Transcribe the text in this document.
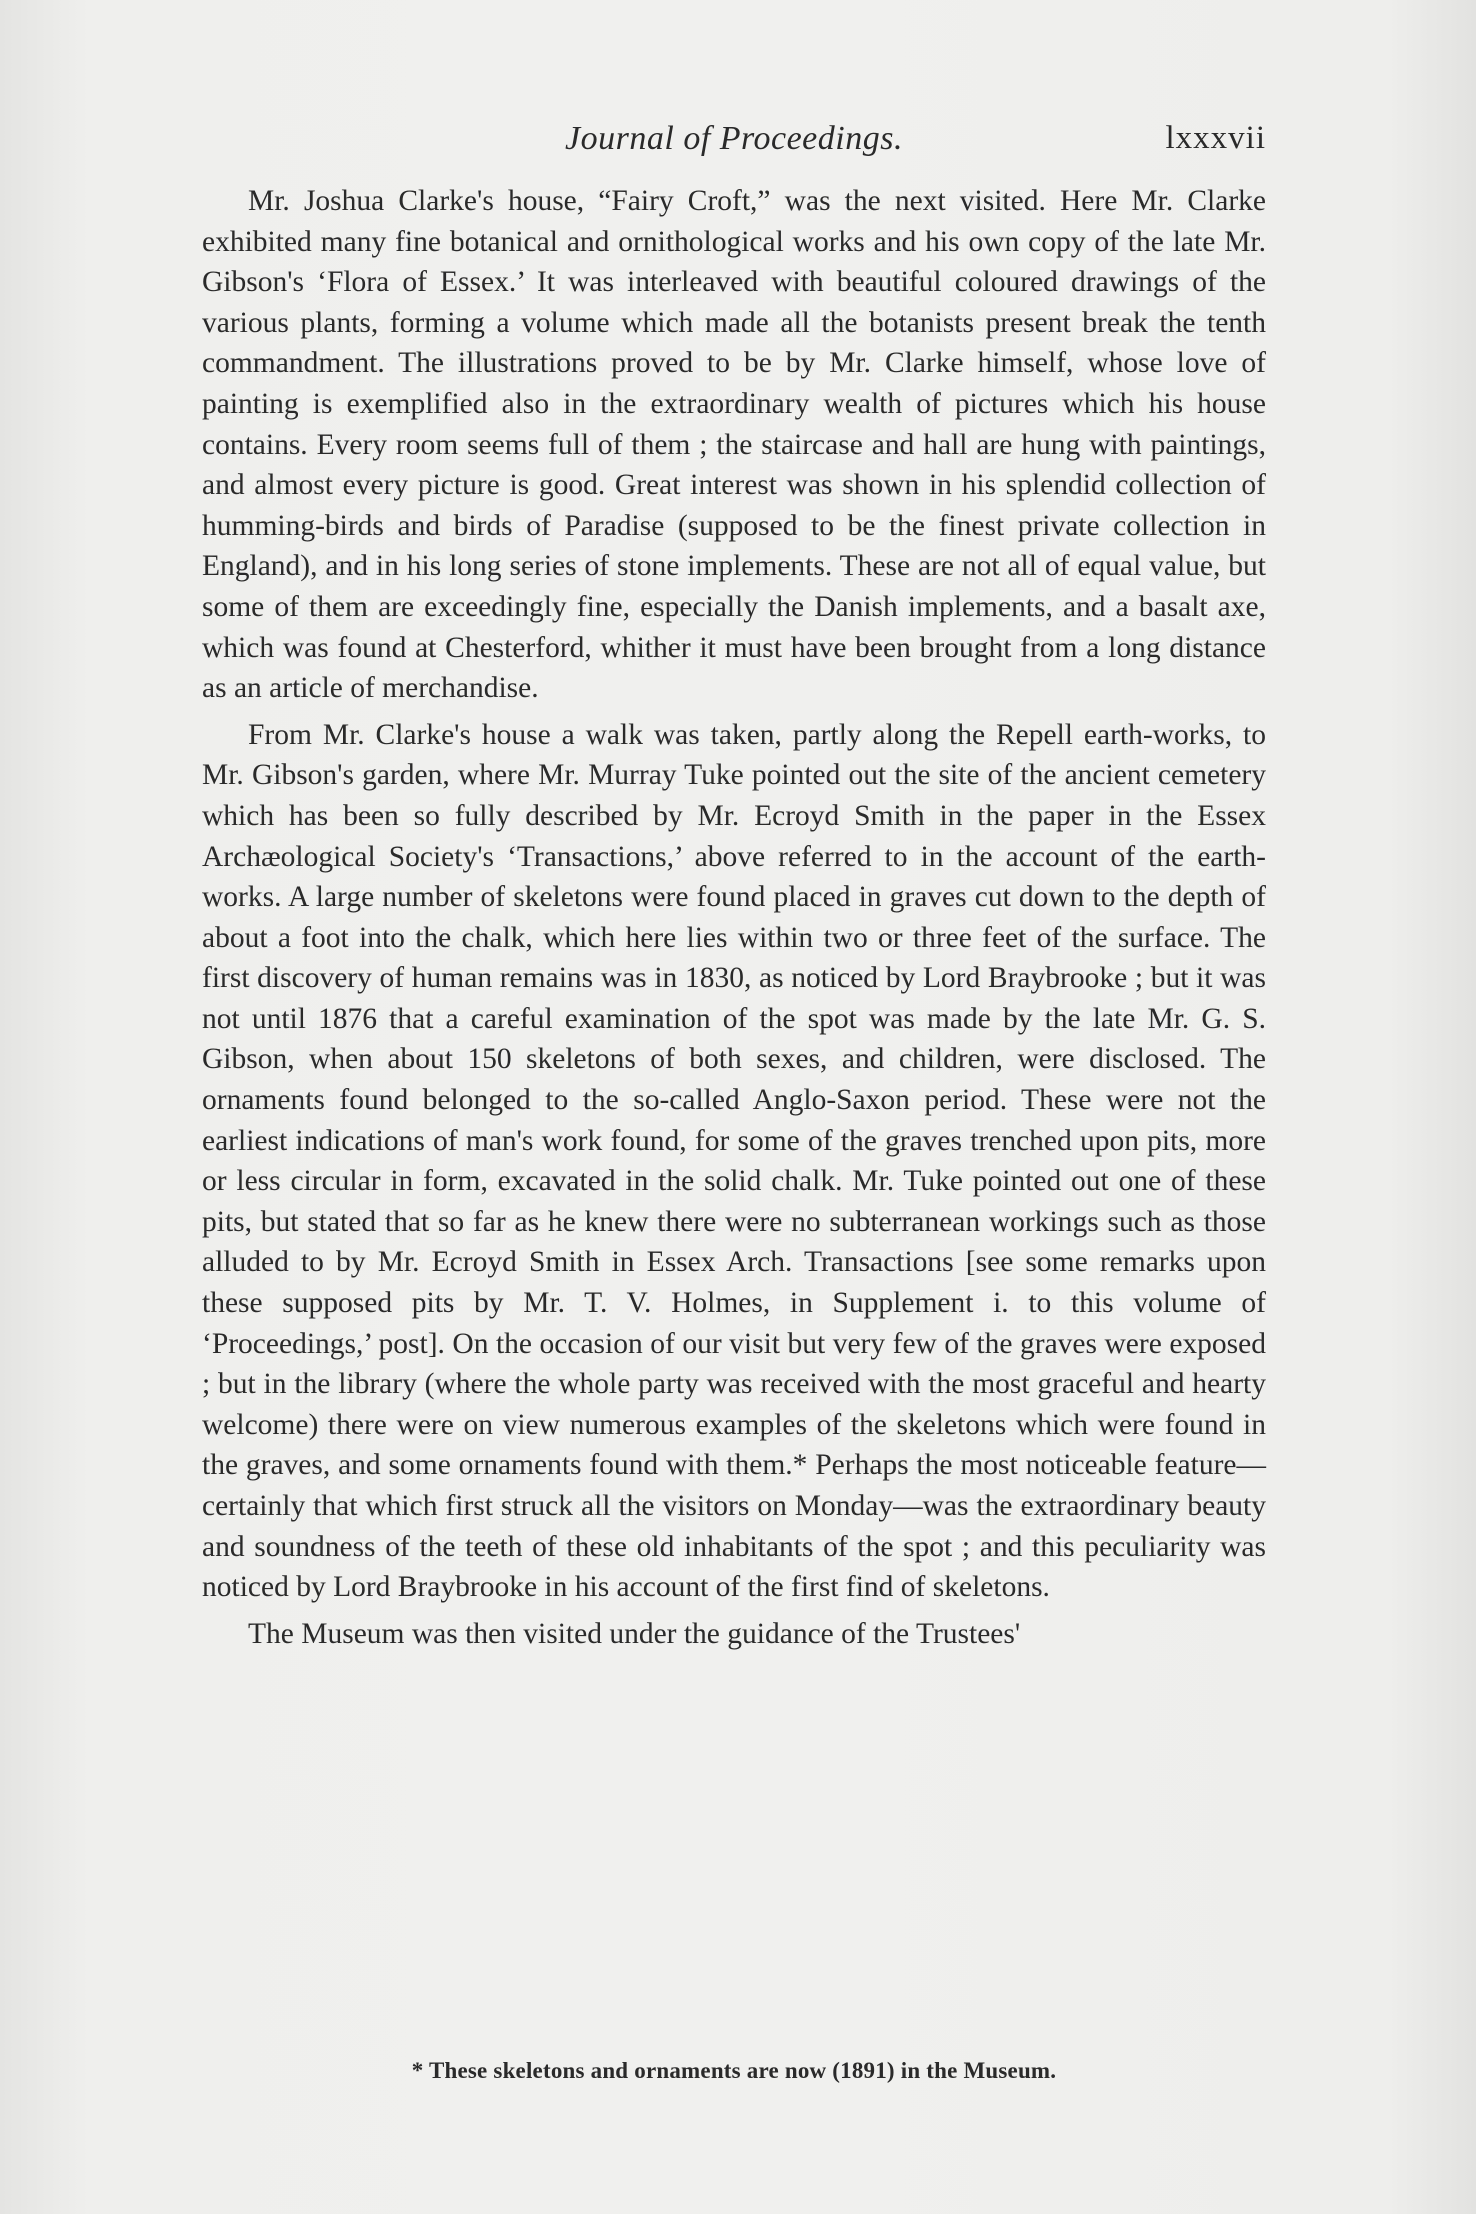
Journal of Proceedings.	lxxxvii

Mr. Joshua Clarke's house, “Fairy Croft,” was the next visited. Here Mr. Clarke exhibited many fine botanical and ornithological works and his own copy of the late Mr. Gibson's ‘Flora of Essex.’ It was interleaved with beautiful coloured drawings of the various plants, forming a volume which made all the botanists present break the tenth commandment. The illustrations proved to be by Mr. Clarke himself, whose love of painting is exemplified also in the extraordinary wealth of pictures which his house contains. Every room seems full of them ; the staircase and hall are hung with paintings, and almost every picture is good. Great interest was shown in his splendid collection of humming-birds and birds of Paradise (supposed to be the finest private collection in England), and in his long series of stone implements. These are not all of equal value, but some of them are exceedingly fine, especially the Danish implements, and a basalt axe, which was found at Chesterford, whither it must have been brought from a long distance as an article of merchandise.

From Mr. Clarke's house a walk was taken, partly along the Repell earth-works, to Mr. Gibson's garden, where Mr. Murray Tuke pointed out the site of the ancient cemetery which has been so fully described by Mr. Ecroyd Smith in the paper in the Essex Archæological Society's ‘Transactions,’ above referred to in the account of the earth-works. A large number of skeletons were found placed in graves cut down to the depth of about a foot into the chalk, which here lies within two or three feet of the surface. The first discovery of human remains was in 1830, as noticed by Lord Braybrooke ; but it was not until 1876 that a careful examination of the spot was made by the late Mr. G. S. Gibson, when about 150 skeletons of both sexes, and children, were disclosed. The ornaments found belonged to the so-called Anglo-Saxon period. These were not the earliest indications of man's work found, for some of the graves trenched upon pits, more or less circular in form, excavated in the solid chalk. Mr. Tuke pointed out one of these pits, but stated that so far as he knew there were no subterranean workings such as those alluded to by Mr. Ecroyd Smith in Essex Arch. Transactions [see some remarks upon these supposed pits by Mr. T. V. Holmes, in Supplement i. to this volume of ‘Proceedings,’ post]. On the occasion of our visit but very few of the graves were exposed ; but in the library (where the whole party was received with the most graceful and hearty welcome) there were on view numerous examples of the skeletons which were found in the graves, and some ornaments found with them.* Perhaps the most noticeable feature—certainly that which first struck all the visitors on Monday—was the extraordinary beauty and soundness of the teeth of these old inhabitants of the spot ; and this peculiarity was noticed by Lord Braybrooke in his account of the first find of skeletons.

The Museum was then visited under the guidance of the Trustees'

* These skeletons and ornaments are now (1891) in the Museum.
